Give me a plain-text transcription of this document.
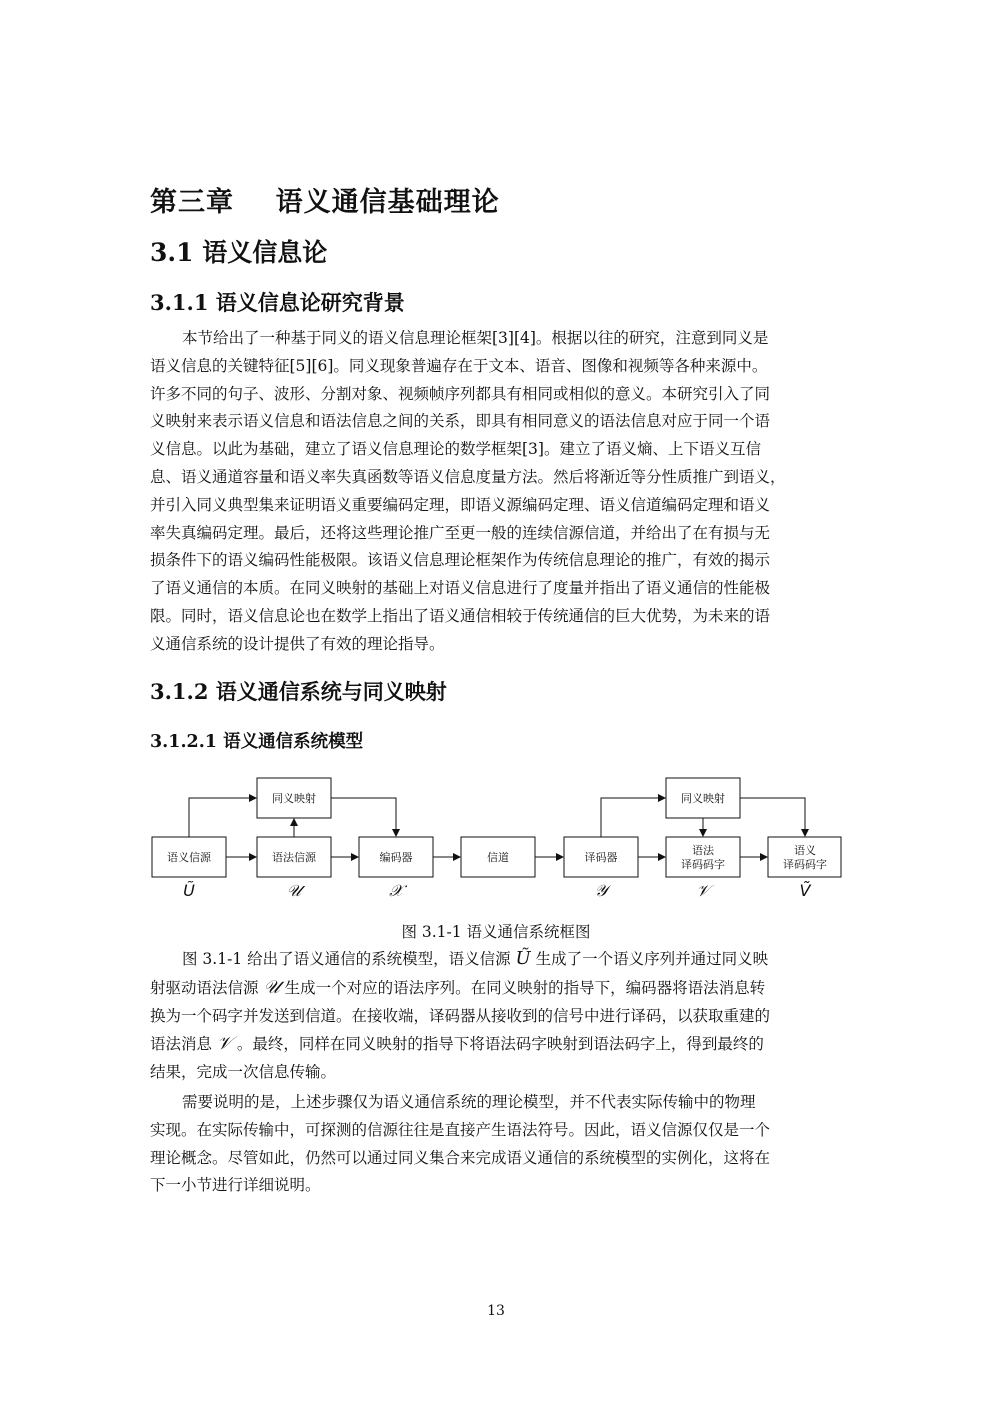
第三章    语义通信基础理论
3.1 语义信息论
3.1.1 语义信息论研究背景
本节给出了一种基于同义的语义信息理论框架[3][4]。根据以往的研究，注意到同义是
语义信息的关键特征[5][6]。同义现象普遍存在于文本、语音、图像和视频等各种来源中。
许多不同的句子、波形、分割对象、视频帧序列都具有相同或相似的意义。本研究引入了同
义映射来表示语义信息和语法信息之间的关系，即具有相同意义的语法信息对应于同一个语
义信息。以此为基础，建立了语义信息理论的数学框架[3]。建立了语义熵、上下语义互信
息、语义通道容量和语义率失真函数等语义信息度量方法。然后将渐近等分性质推广到语义，
并引入同义典型集来证明语义重要编码定理，即语义源编码定理、语义信道编码定理和语义
率失真编码定理。最后，还将这些理论推广至更一般的连续信源信道，并给出了在有损与无
损条件下的语义编码性能极限。该语义信息理论框架作为传统信息理论的推广，有效的揭示
了语义通信的本质。在同义映射的基础上对语义信息进行了度量并指出了语义通信的性能极
限。同时，语义信息论也在数学上指出了语义通信相较于传统通信的巨大优势，为未来的语
义通信系统的设计提供了有效的理论指导。
3.1.2 语义通信系统与同义映射
3.1.2.1 语义通信系统模型
语义信源	语法信源	编码器	信道	译码器
语法
译码码字
语义
译码码字
同义映射	同义映射
Ũ	𝒰	𝒳	𝒴	𝒱	Ṽ
图 3.1-1 语义通信系统框图
图 3.1-1 给出了语义通信的系统模型，语义信源 Ũ 生成了一个语义序列并通过同义映
射驱动语法信源 𝒰 生成一个对应的语法序列。在同义映射的指导下，编码器将语法消息转
换为一个码字并发送到信道。在接收端，译码器从接收到的信号中进行译码，以获取重建的
语法消息 𝒱 。最终，同样在同义映射的指导下将语法码字映射到语法码字上，得到最终的
结果，完成一次信息传输。
需要说明的是，上述步骤仅为语义通信系统的理论模型，并不代表实际传输中的物理
实现。在实际传输中，可探测的信源往往是直接产生语法符号。因此，语义信源仅仅是一个
理论概念。尽管如此，仍然可以通过同义集合来完成语义通信的系统模型的实例化，这将在
下一小节进行详细说明。
13
